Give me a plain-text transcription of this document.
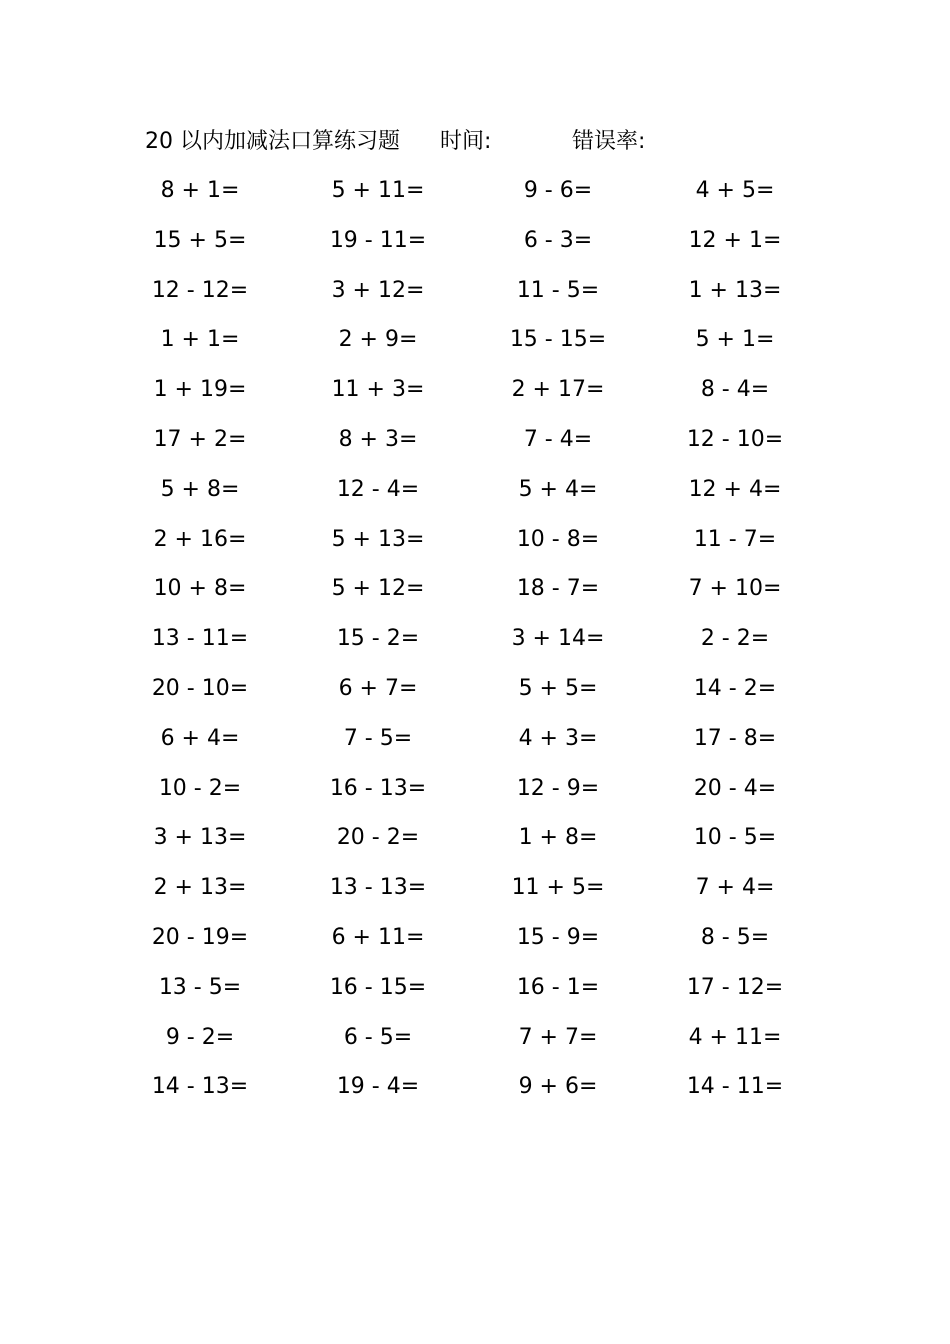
20 以内加减法口算练习题 时间:	错误率:
8 + 1=	5 + 11=	9 - 6=	4 + 5=
15 + 5=	19 - 11=	6 - 3=	12 + 1=
12 - 12=	3 + 12=	11 - 5=	1 + 13=
1 + 1=	2 + 9=	15 - 15=	5 + 1=
1 + 19=	11 + 3=	2 + 17=	8 - 4=
17 + 2=	8 + 3=	7 - 4=	12 - 10=
5 + 8=	12 - 4=	5 + 4=	12 + 4=
2 + 16=	5 + 13=	10 - 8=	11 - 7=
10 + 8=	5 + 12=	18 - 7=	7 + 10=
13 - 11=	15 - 2=	3 + 14=	2 - 2=
20 - 10=	6 + 7=	5 + 5=	14 - 2=
6 + 4=	7 - 5=	4 + 3=	17 - 8=
10 - 2=	16 - 13=	12 - 9=	20 - 4=
3 + 13=	20 - 2=	1 + 8=	10 - 5=
2 + 13=	13 - 13=	11 + 5=	7 + 4=
20 - 19=	6 + 11=	15 - 9=	8 - 5=
13 - 5=	16 - 15=	16 - 1=	17 - 12=
9 - 2=	6 - 5=	7 + 7=	4 + 11=
14 - 13=	19 - 4=	9 + 6=	14 - 11=
